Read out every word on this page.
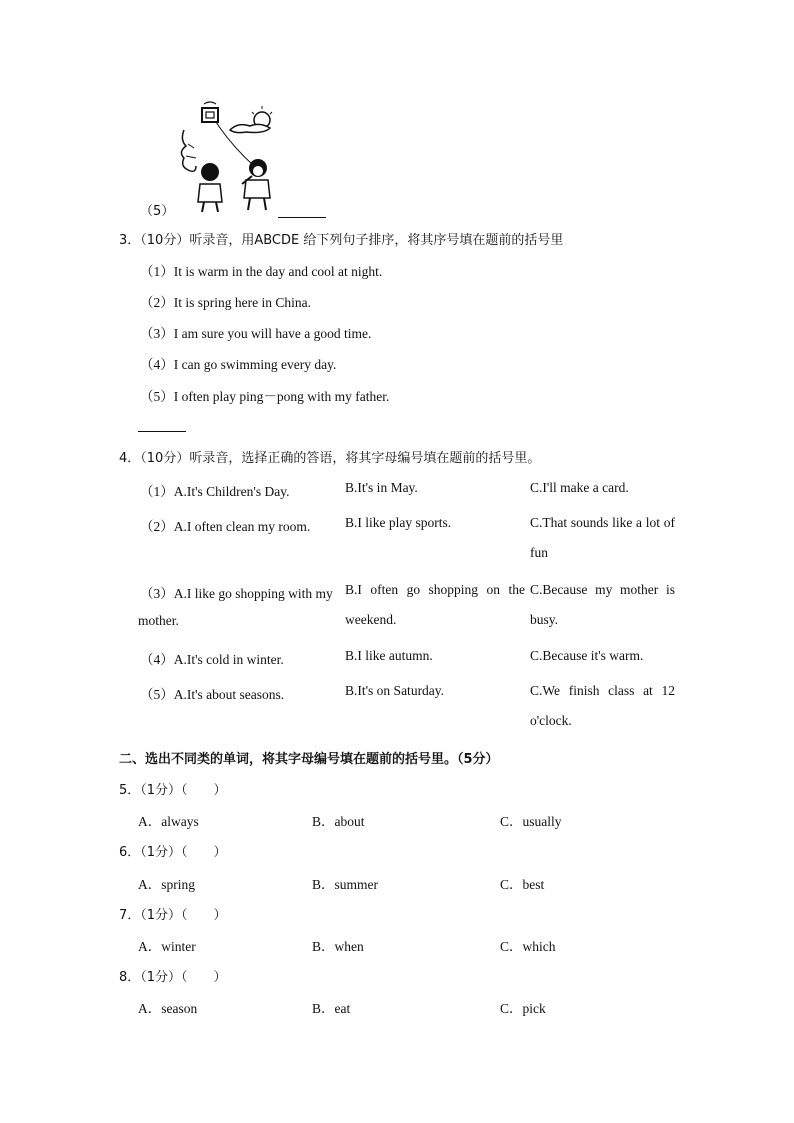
（5）
3．（10分）听录音，用ABCDE 给下列句子排序，将其序号填在题前的括号里
（1）It is warm in the day and cool at night.
（2）It is spring here in China.
（3）I am sure you will have a good time.
（4）I can go swimming every day.
（5）I often play ping－pong with my father.
4．（10分）听录音，选择正确的答语，将其字母编号填在题前的括号里。
（1）A.It's Children's Day.	B.It's in May.	C.I'll make a card.
（2）A.I often clean my room.	B.I like play sports.	C.That sounds like a lot of fun
（3）A.I like go shopping with my
mother.
B.I often go shopping on the weekend.
C.Because my mother is busy.
（4）A.It's cold in winter.	B.I like autumn.	C.Because it's warm.
（5）A.It's about seasons.	B.It's on Saturday.	C.We finish class at 12 o'clock.
二、选出不同类的单词，将其字母编号填在题前的括号里。（5分）
5．（1分）（　　）
A．always	B．about	C．usually
6．（1分）（　　）
A．spring	B．summer	C．best
7．（1分）（　　）
A．winter	B．when	C．which
8．（1分）（　　）
A．season	B．eat	C．pick
